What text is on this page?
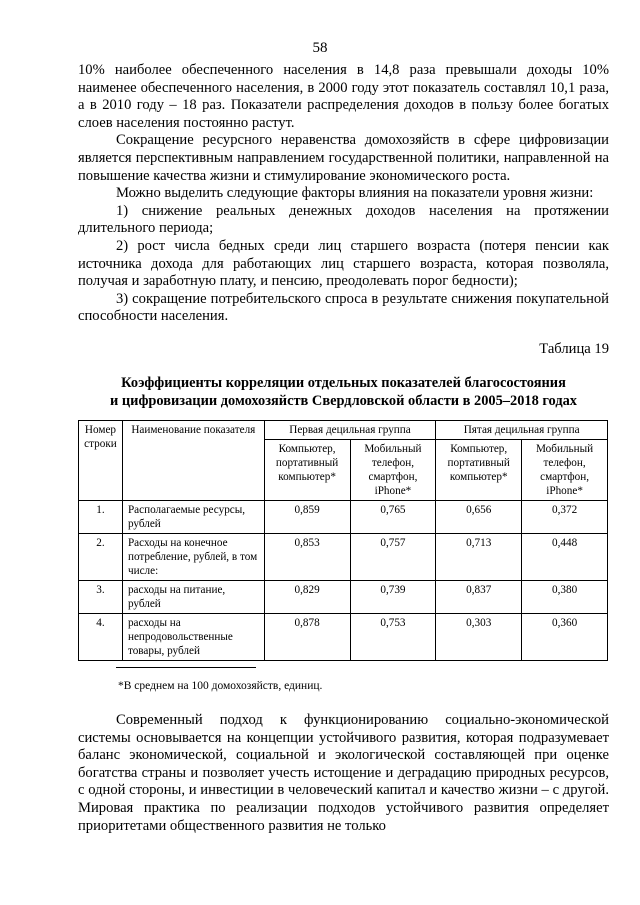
58

10% наиболее обеспеченного населения в 14,8 раза превышали доходы 10% наименее обеспеченного населения, в 2000 году этот показатель составлял 10,1 раза, а в 2010 году – 18 раз. Показатели распределения доходов в пользу более богатых слоев населения постоянно растут.

Сокращение ресурсного неравенства домохозяйств в сфере цифровизации является перспективным направлением государственной политики, направленной на повышение качества жизни и стимулирование экономического роста.

Можно выделить следующие факторы влияния на показатели уровня жизни:

1) снижение реальных денежных доходов населения на протяжении длительного периода;

2) рост числа бедных среди лиц старшего возраста (потеря пенсии как источника дохода для работающих лиц старшего возраста, которая позволяла, получая и заработную плату, и пенсию, преодолевать порог бедности);

3) сокращение потребительского спроса в результате снижения покупательной способности населения.

Таблица 19
Коэффициенты корреляции отдельных показателей благосостояния
и цифровизации домохозяйств Свердловской области в 2005–2018 годах
Номер строки	Наименование показателя	Первая децильная группа		Пятая децильная группа	
		Компьютер, портативный компьютер*	Мобильный телефон, смартфон, iPhone*	Компьютер, портативный компьютер*	Мобильный телефон, смартфон, iPhone*
1.	Располагаемые ресурсы, рублей	0,859	0,765	0,656	0,372
2.	Расходы на конечное потребление, рублей, в том числе:	0,853	0,757	0,713	0,448
3.	расходы на питание, рублей	0,829	0,739	0,837	0,380
4.	расходы на непродовольственные товары, рублей	0,878	0,753	0,303	0,360
*В среднем на 100 домохозяйств, единиц.

Современный подход к функционированию социально-экономической системы основывается на концепции устойчивого развития, которая подразумевает баланс экономической, социальной и экологической составляющей при оценке богатства страны и позволяет учесть истощение и деградацию природных ресурсов, с одной стороны, и инвестиции в человеческий капитал и качество жизни – с другой. Мировая практика по реализации подходов устойчивого развития определяет приоритетами общественного развития не только
